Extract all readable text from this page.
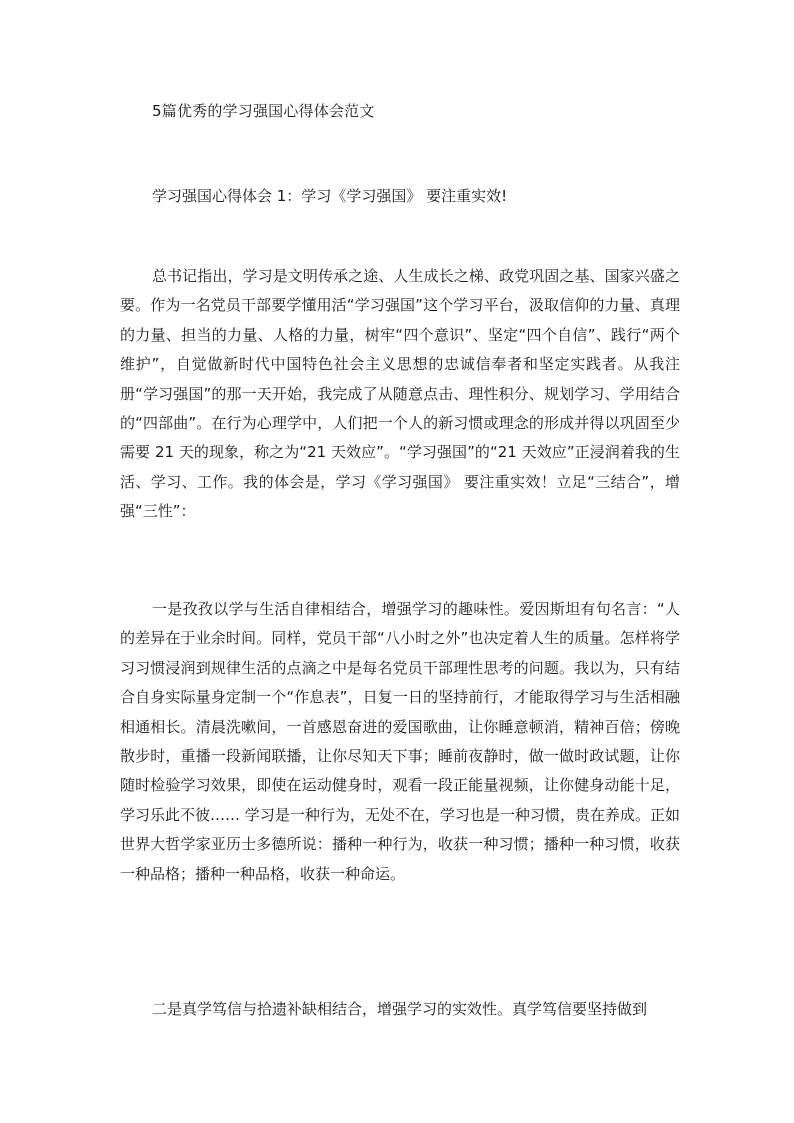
5篇优秀的学习强国心得体会范文
学习强国心得体会 1：学习《学习强国》 要注重实效!

总书记指出，学习是文明传承之途、人生成长之梯、政党巩固之基、国家兴盛之要。作为一名党员干部要学懂用活“学习强国”这个学习平台，汲取信仰的力量、真理的力量、担当的力量、人格的力量，树牢“四个意识”、坚定“四个自信”、践行“两个维护”，自觉做新时代中国特色社会主义思想的忠诚信奉者和坚定实践者。从我注册“学习强国”的那一天开始，我完成了从随意点击、理性积分、规划学习、学用结合的“四部曲”。在行为心理学中，人们把一个人的新习惯或理念的形成并得以巩固至少需要 21 天的现象，称之为“21 天效应”。“学习强国”的“21 天效应”正浸润着我的生活、学习、工作。我的体会是，学习《学习强国》 要注重实效！立足“三结合”，增强“三性”：

一是孜孜以学与生活自律相结合，增强学习的趣味性。爱因斯坦有句名言：“人的差异在于业余时间。同样，党员干部“八小时之外”也决定着人生的质量。怎样将学习习惯浸润到规律生活的点滴之中是每名党员干部理性思考的问题。我以为，只有结合自身实际量身定制一个“作息表”，日复一日的坚持前行，才能取得学习与生活相融相通相长。清晨洗嗽间，一首感恩奋进的爱国歌曲，让你睡意顿消，精神百倍；傍晚散步时，重播一段新闻联播，让你尽知天下事；睡前夜静时，做一做时政试题，让你随时检验学习效果，即使在运动健身时，观看一段正能量视频，让你健身动能十足，学习乐此不彼…… 学习是一种行为，无处不在，学习也是一种习惯，贵在养成。正如世界大哲学家亚历士多德所说：播种一种行为，收获一种习惯；播种一种习惯，收获一种品格；播种一种品格，收获一种命运。

二是真学笃信与拾遗补缺相结合，增强学习的实效性。真学笃信要坚持做到
